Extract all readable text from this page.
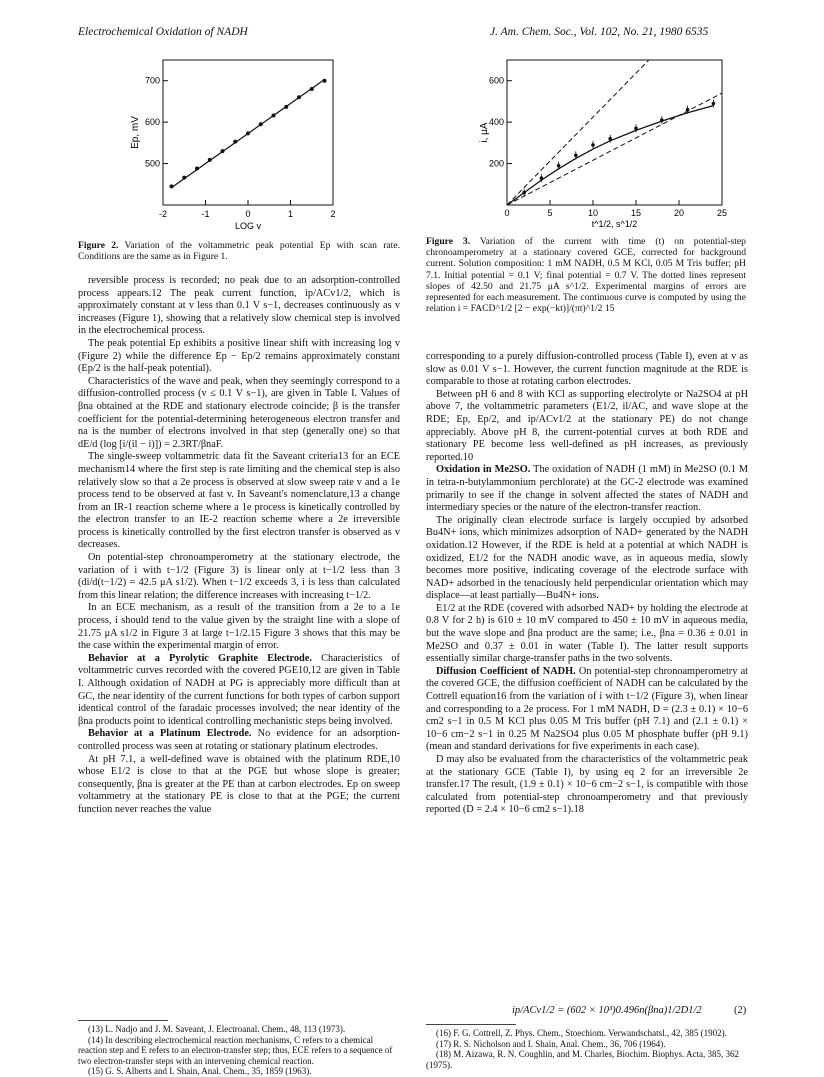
Electrochemical Oxidation of NADH	J. Am. Chem. Soc., Vol. 102, No. 21, 1980 6535
-2	-1	0	1	2
500
600
700
LOG v
Ep, mV
Figure 2. Variation of the voltammetric peak potential Ep with scan rate. Conditions are the same as in Figure 1.
0	5	10	15	20	25
200
400
600
t^1/2, s^1/2
i, μA
Figure 3. Variation of the current with time (t) on potential-step chronoamperometry at a stationary covered GCE, corrected for background current. Solution composition: 1 mM NADH, 0.5 M KCl, 0.05 M Tris buffer; pH 7.1. Initial potential = 0.1 V; final potential = 0.7 V. The dotted lines represent slopes of 42.50 and 21.75 μA s^1/2. Experimental margins of errors are represented for each measurement. The continuous curve is computed by using the relation i = FACD^1/2 [2 − exp(−kt)]/(πt)^1/2 15

reversible process is recorded; no peak due to an adsorption-controlled process appears.12 The peak current function, ip/ACv1/2, which is approximately constant at v less than 0.1 V s−1, decreases continuously as v increases (Figure 1), showing that a relatively slow chemical step is involved in the electrochemical process.

The peak potential Ep exhibits a positive linear shift with increasing log v (Figure 2) while the difference Ep − Ep/2 remains approximately constant (Ep/2 is the half-peak potential).

Characteristics of the wave and peak, when they seemingly correspond to a diffusion-controlled process (v ≤ 0.1 V s−1), are given in Table I. Values of βna obtained at the RDE and stationary electrode coincide; β is the transfer coefficient for the potential-determining heterogeneous electron transfer and na is the number of electrons involved in that step (generally one) so that dE/d (log [i/(il − i)]) = 2.3RT/βnaF.

The single-sweep voltammetric data fit the Saveant criteria13 for an ECE mechanism14 where the first step is rate limiting and the chemical step is also relatively slow so that a 2e process is observed at slow sweep rate v and a 1e process tend to be observed at fast v. In Saveant's nomenclature,13 a change from an IR-1 reaction scheme where a 1e process is kinetically controlled by the electron transfer to an IE-2 reaction scheme where a 2e irreversible process is kinetically controlled by the first electron transfer is observed as v decreases.

On potential-step chronoamperometry at the stationary electrode, the variation of i with t−1/2 (Figure 3) is linear only at t−1/2 less than 3 (di/d(t−1/2) = 42.5 μA s1/2). When t−1/2 exceeds 3, i is less than calculated from this linear relation; the difference increases with increasing t−1/2.

In an ECE mechanism, as a result of the transition from a 2e to a 1e process, i should tend to the value given by the straight line with a slope of 21.75 μA s1/2 in Figure 3 at large t−1/2.15 Figure 3 shows that this may be the case within the experimental margin of error.

Behavior at a Pyrolytic Graphite Electrode. Characteristics of voltammetric curves recorded with the covered PGE10,12 are given in Table I. Although oxidation of NADH at PG is appreciably more difficult than at GC, the near identity of the current functions for both types of carbon support identical control of the faradaic processes involved; the near identity of the βna products point to identical controlling mechanistic steps being involved.

Behavior at a Platinum Electrode. No evidence for an adsorption-controlled process was seen at rotating or stationary platinum electrodes.

At pH 7.1, a well-defined wave is obtained with the platinum RDE,10 whose E1/2 is close to that at the PGE but whose slope is greater; consequently, βna is greater at the PE than at carbon electrodes. Ep on sweep voltammetry at the stationary PE is close to that at the PGE; the current function never reaches the value

corresponding to a purely diffusion-controlled process (Table I), even at v as slow as 0.01 V s−1. However, the current function magnitude at the RDE is comparable to those at rotating carbon electrodes.

Between pH 6 and 8 with KCl as supporting electrolyte or Na2SO4 at pH above 7, the voltammetric parameters (E1/2, il/AC, and wave slope at the RDE; Ep, Ep/2, and ip/ACv1/2 at the stationary PE) do not change appreciably. Above pH 8, the current-potential curves at both RDE and stationary PE become less well-defined as pH increases, as previously reported.10

Oxidation in Me2SO. The oxidation of NADH (1 mM) in Me2SO (0.1 M in tetra-n-butylammonium perchlorate) at the GC-2 electrode was examined primarily to see if the change in solvent affected the states of NADH and intermediary species or the nature of the electron-transfer reaction.

The originally clean electrode surface is largely occupied by adsorbed Bu4N+ ions, which minimizes adsorption of NAD+ generated by the NADH oxidation.12 However, if the RDE is held at a potential at which NADH is oxidized, E1/2 for the NADH anodic wave, as in aqueous media, slowly becomes more positive, indicating coverage of the electrode surface with NAD+ adsorbed in the tenaciously held perpendicular orientation which may displace—at least partially—Bu4N+ ions.

E1/2 at the RDE (covered with adsorbed NAD+ by holding the electrode at 0.8 V for 2 h) is 610 ± 10 mV compared to 450 ± 10 mV in aqueous media, but the wave slope and βna product are the same; i.e., βna = 0.36 ± 0.01 in Me2SO and 0.37 ± 0.01 in water (Table I). The latter result supports essentially similar charge-transfer paths in the two solvents.

Diffusion Coefficient of NADH. On potential-step chronoamperometry at the covered GCE, the diffusion coefficient of NADH can be calculated by the Cottrell equation16 from the variation of i with t−1/2 (Figure 3), when linear and corresponding to a 2e process. For 1 mM NADH, D = (2.3 ± 0.1) × 10−6 cm2 s−1 in 0.5 M KCl plus 0.05 M Tris buffer (pH 7.1) and (2.1 ± 0.1) × 10−6 cm−2 s−1 in 0.25 M Na2SO4 plus 0.05 M phosphate buffer (pH 9.1) (mean and standard derivations for five experiments in each case).

D may also be evaluated from the characteristics of the voltammetric peak at the stationary GCE (Table I), by using eq 2 for an irreversible 2e transfer.17 The result, (1.9 ± 0.1) × 10−6 cm−2 s−1, is compatible with those calculated from potential-step chronoamperometry and that previously reported (D = 2.4 × 10−6 cm2 s−1).18

ip/ACv1/2 = (602 × 10³)0.496n(βna)1/2D1/2	(2)
(13) L. Nadjo and J. M. Saveant, J. Electroanal. Chem., 48, 113 (1973).
(14) In describing electrochemical reaction mechanisms, C refers to a chemical reaction step and E refers to an electron-transfer step; thus, ECE refers to a sequence of two electron-transfer steps with an intervening chemical reaction.
(15) G. S. Alberts and I. Shain, Anal. Chem., 35, 1859 (1963).
(16) F. G. Cottrell, Z. Phys. Chem., Stoechiom. Verwandschatsl., 42, 385 (1902).
(17) R. S. Nicholson and I. Shain, Anal. Chem., 36, 706 (1964).
(18) M. Aizawa, R. N. Coughlin, and M. Charles, Biochim. Biophys. Acta, 385, 362 (1975).
